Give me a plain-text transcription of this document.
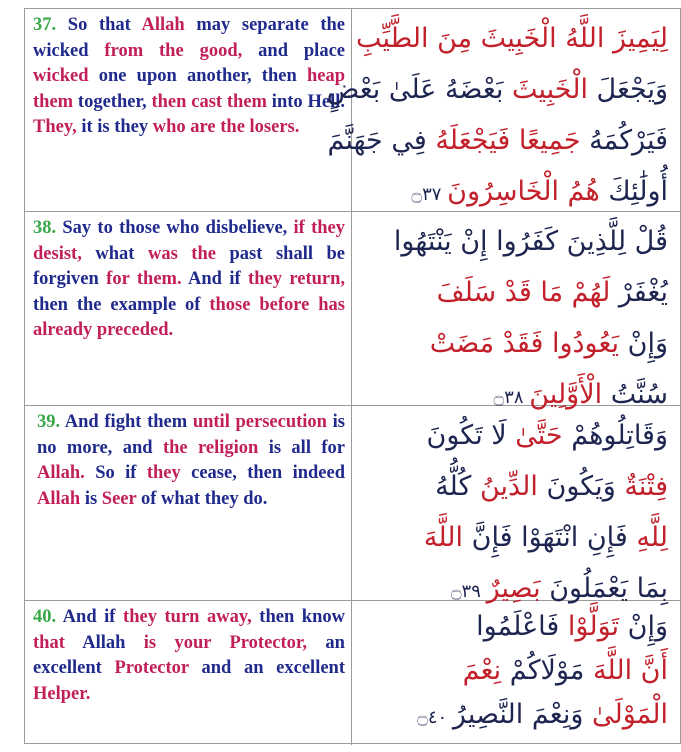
37. So that Allah may separate the wicked from the good, and place wicked one upon another, then heap them together, then cast them into Hell. They, it is they who are the losers.
لِيَمِيزَ اللَّهُ الْخَبِيثَ مِنَ الطَّيِّبِ
وَيَجْعَلَ الْخَبِيثَ بَعْضَهُ عَلَىٰ بَعْضٍ
فَيَرْكُمَهُ جَمِيعًا فَيَجْعَلَهُ فِي جَهَنَّمَ
أُولَٰئِكَ هُمُ الْخَاسِرُونَ ۝٣٧
38. Say to those who disbelieve, if they desist, what was the past shall be forgiven for them. And if they return, then the example of those before has already preceded.
قُلْ لِلَّذِينَ كَفَرُوا إِنْ يَنْتَهُوا
يُغْفَرْ لَهُمْ مَا قَدْ سَلَفَ
وَإِنْ يَعُودُوا فَقَدْ مَضَتْ
سُنَّتُ الْأَوَّلِينَ ۝٣٨
39. And fight them until persecution is no more, and the religion is all for Allah. So if they cease, then indeed Allah is Seer of what they do.
وَقَاتِلُوهُمْ حَتَّىٰ لَا تَكُونَ
فِتْنَةٌ وَيَكُونَ الدِّينُ كُلُّهُ
لِلَّهِ فَإِنِ انْتَهَوْا فَإِنَّ اللَّهَ
بِمَا يَعْمَلُونَ بَصِيرٌ ۝٣٩
40. And if they turn away, then know that Allah is your Protector, an excellent Protector and an excellent Helper.
وَإِنْ تَوَلَّوْا فَاعْلَمُوا
أَنَّ اللَّهَ مَوْلَاكُمْ نِعْمَ
الْمَوْلَىٰ وَنِعْمَ النَّصِيرُ ۝٤٠
